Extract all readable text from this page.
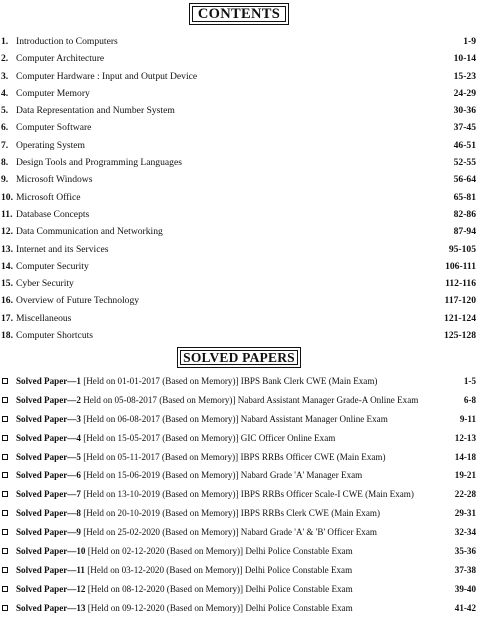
CONTENTS
1. Introduction to Computers	1-9
2. Computer Architecture	10-14
3. Computer Hardware : Input and Output Device	15-23
4. Computer Memory	24-29
5. Data Representation and Number System	30-36
6. Computer Software	37-45
7. Operating System	46-51
8. Design Tools and Programming Languages	52-55
9. Microsoft Windows	56-64
10. Microsoft Office	65-81
11. Database Concepts	82-86
12. Data Communication and Networking	87-94
13. Internet and its Services	95-105
14. Computer Security	106-111
15. Cyber Security	112-116
16. Overview of Future Technology	117-120
17. Miscellaneous	121-124
18. Computer Shortcuts	125-128
SOLVED PAPERS
Solved Paper—1 [Held on 01-01-2017 (Based on Memory)] IBPS Bank Clerk CWE (Main Exam)	1-5
Solved Paper—2 Held on 05-08-2017 (Based on Memory)] Nabard Assistant Manager Grade-A Online Exam	6-8
Solved Paper—3 [Held on 06-08-2017 (Based on Memory)] Nabard Assistant Manager Online Exam	9-11
Solved Paper—4 [Held on 15-05-2017 (Based on Memory)] GIC Officer Online Exam	12-13
Solved Paper—5 [Held on 05-11-2017 (Based on Memory)] IBPS RRBs Officer CWE (Main Exam)	14-18
Solved Paper—6 [Held on 15-06-2019 (Based on Memory)] Nabard Grade 'A' Manager Exam	19-21
Solved Paper—7 [Held on 13-10-2019 (Based on Memory)] IBPS RRBs Officer Scale-I CWE (Main Exam)	22-28
Solved Paper—8 [Held on 20-10-2019 (Based on Memory)] IBPS RRBs Clerk CWE (Main Exam)	29-31
Solved Paper—9 [Held on 25-02-2020 (Based on Memory)] Nabard Grade 'A' & 'B' Officer Exam	32-34
Solved Paper—10 [Held on 02-12-2020 (Based on Memory)] Delhi Police Constable Exam	35-36
Solved Paper—11 [Held on 03-12-2020 (Based on Memory)] Delhi Police Constable Exam	37-38
Solved Paper—12 [Held on 08-12-2020 (Based on Memory)] Delhi Police Constable Exam	39-40
Solved Paper—13 [Held on 09-12-2020 (Based on Memory)] Delhi Police Constable Exam	41-42
